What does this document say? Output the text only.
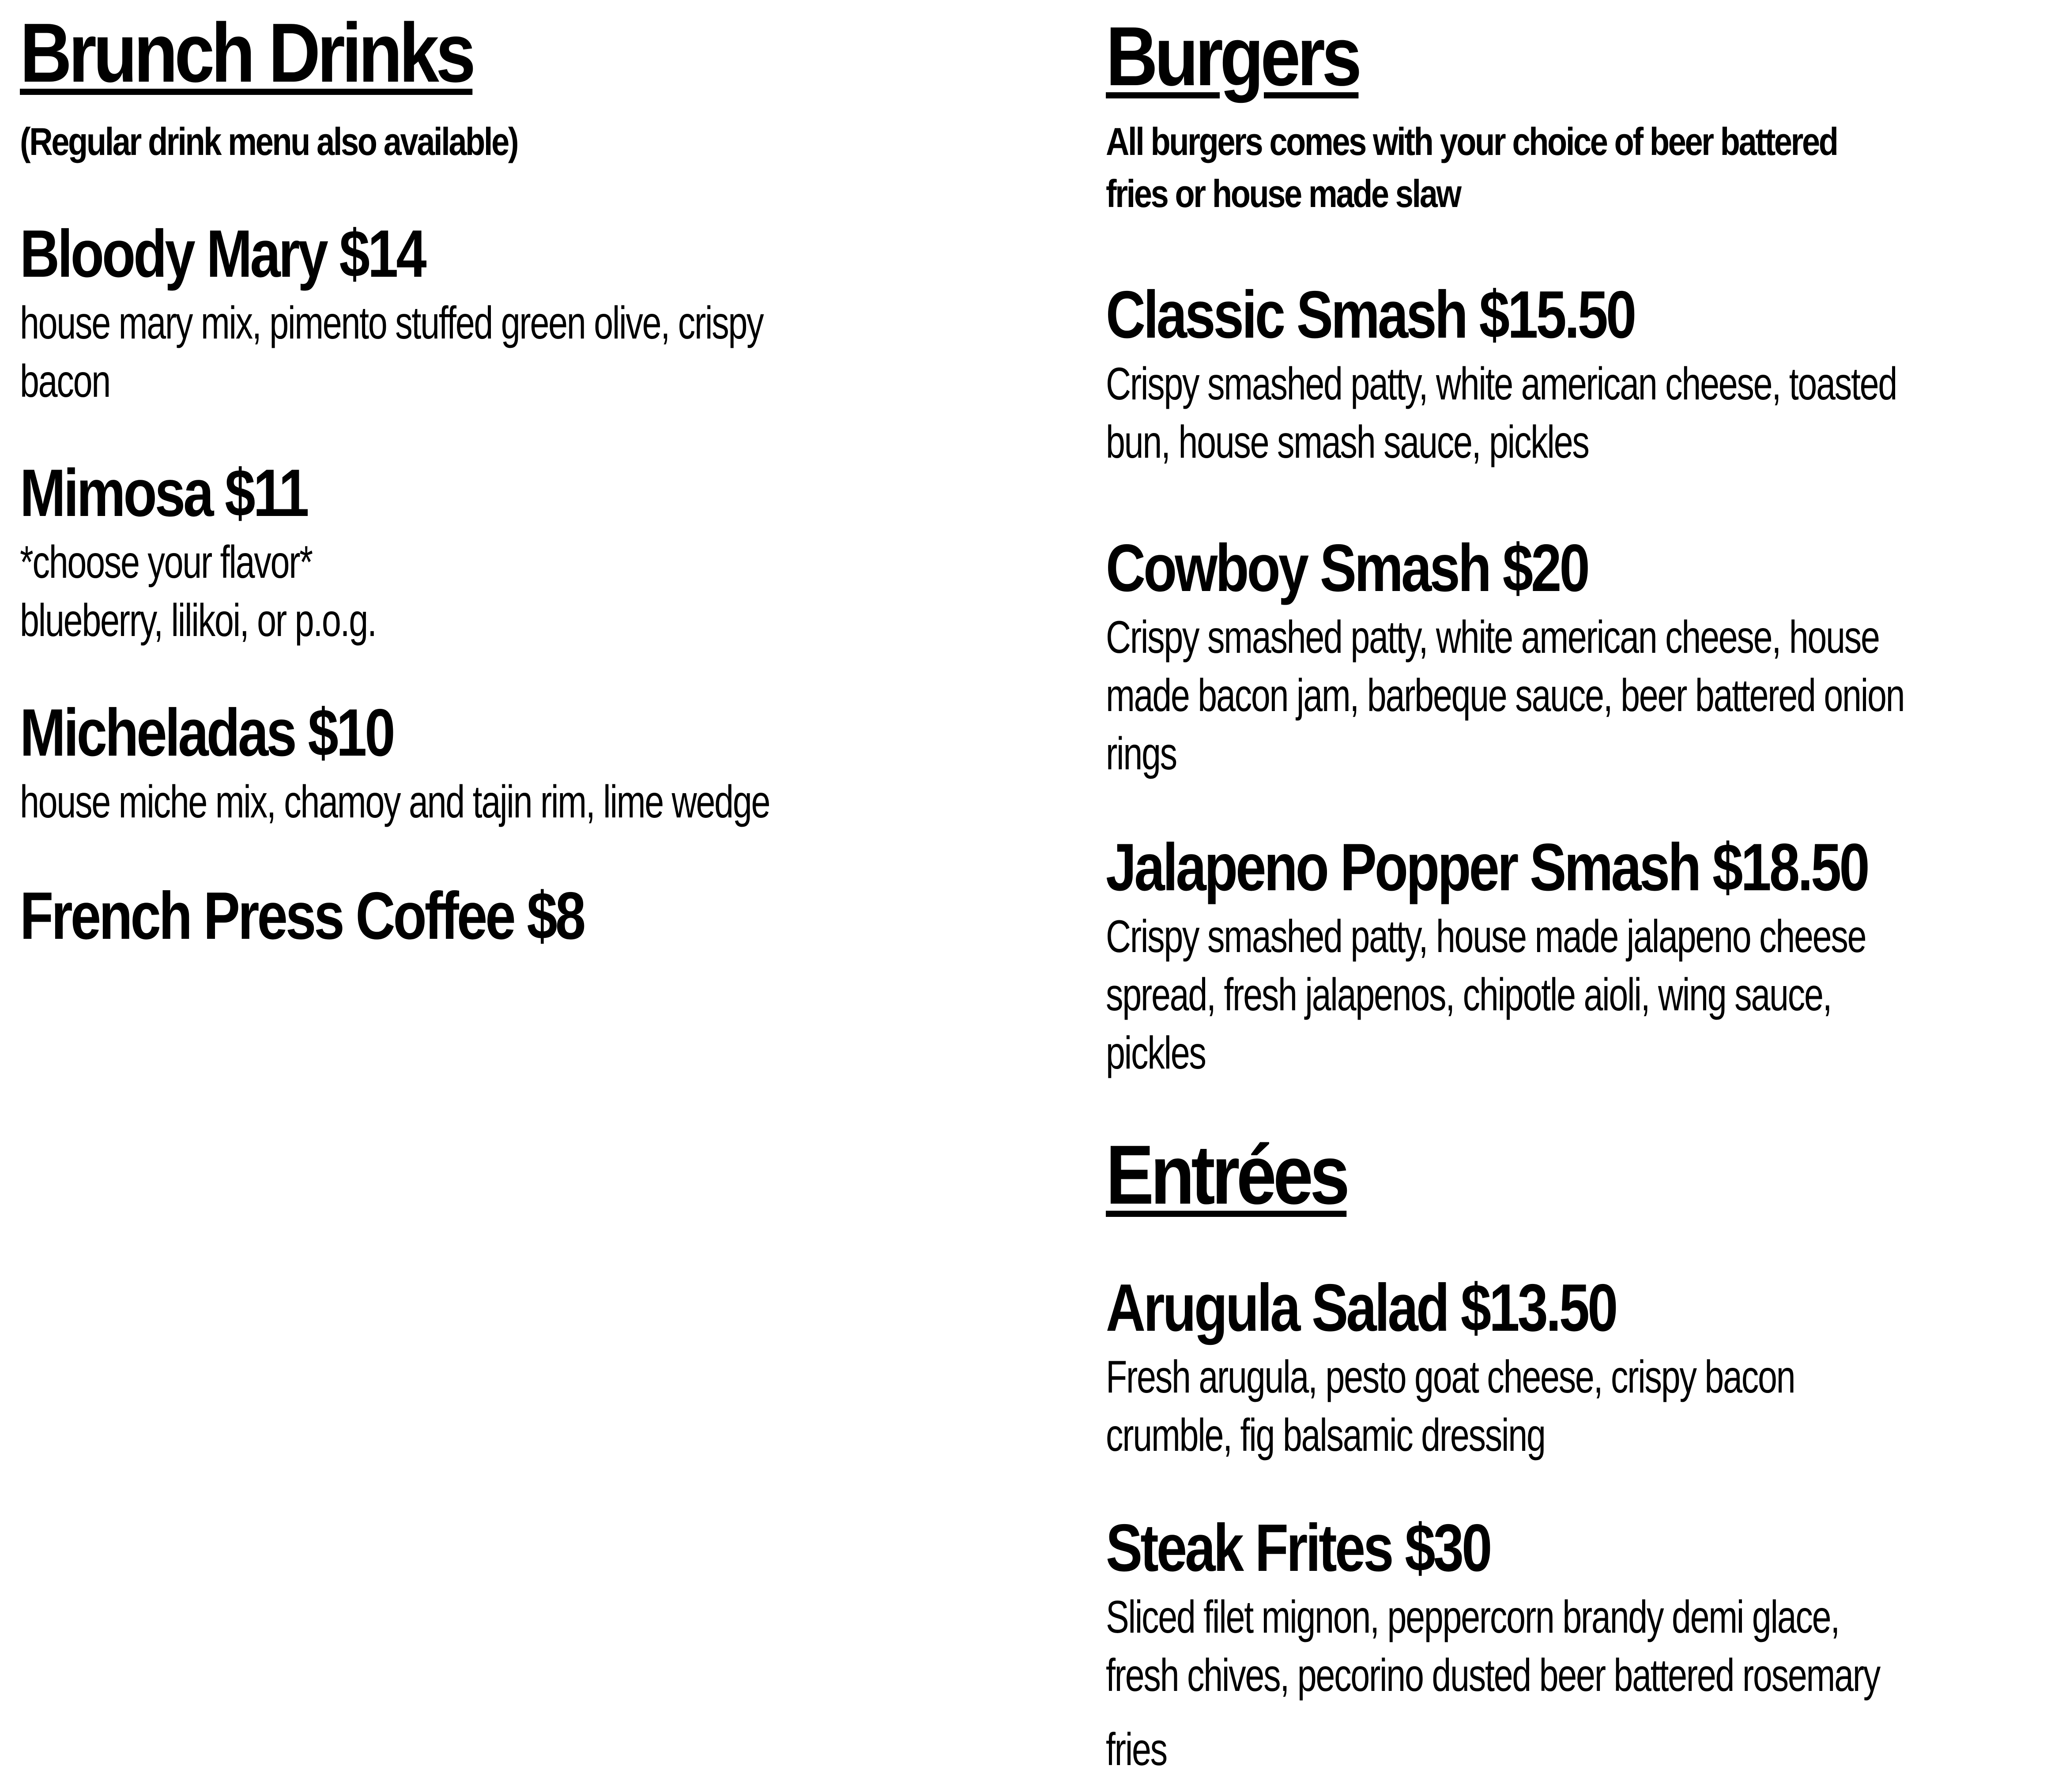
Brunch Drinks

(Regular drink menu also available)

Bloody Mary $14

house mary mix, pimento stuffed green olive, crispy

bacon

Mimosa $11

*choose your flavor*

blueberry, lilikoi, or p.o.g.

Micheladas $10

house miche mix, chamoy and tajin rim, lime wedge

French Press Coffee $8
Burgers

All burgers comes with your choice of beer battered

fries or house made slaw

Classic Smash $15.50

Crispy smashed patty, white american cheese, toasted

bun, house smash sauce, pickles

Cowboy Smash $20

Crispy smashed patty, white american cheese, house

made bacon jam, barbeque sauce, beer battered onion

rings

Jalapeno Popper Smash $18.50

Crispy smashed patty, house made jalapeno cheese

spread, fresh jalapenos, chipotle aioli, wing sauce,

pickles

Entrées
Arugula Salad $13.50

Fresh arugula, pesto goat cheese, crispy bacon

crumble, fig balsamic dressing

Steak Frites $30

Sliced filet mignon, peppercorn brandy demi glace,

fresh chives, pecorino dusted beer battered rosemary

fries
